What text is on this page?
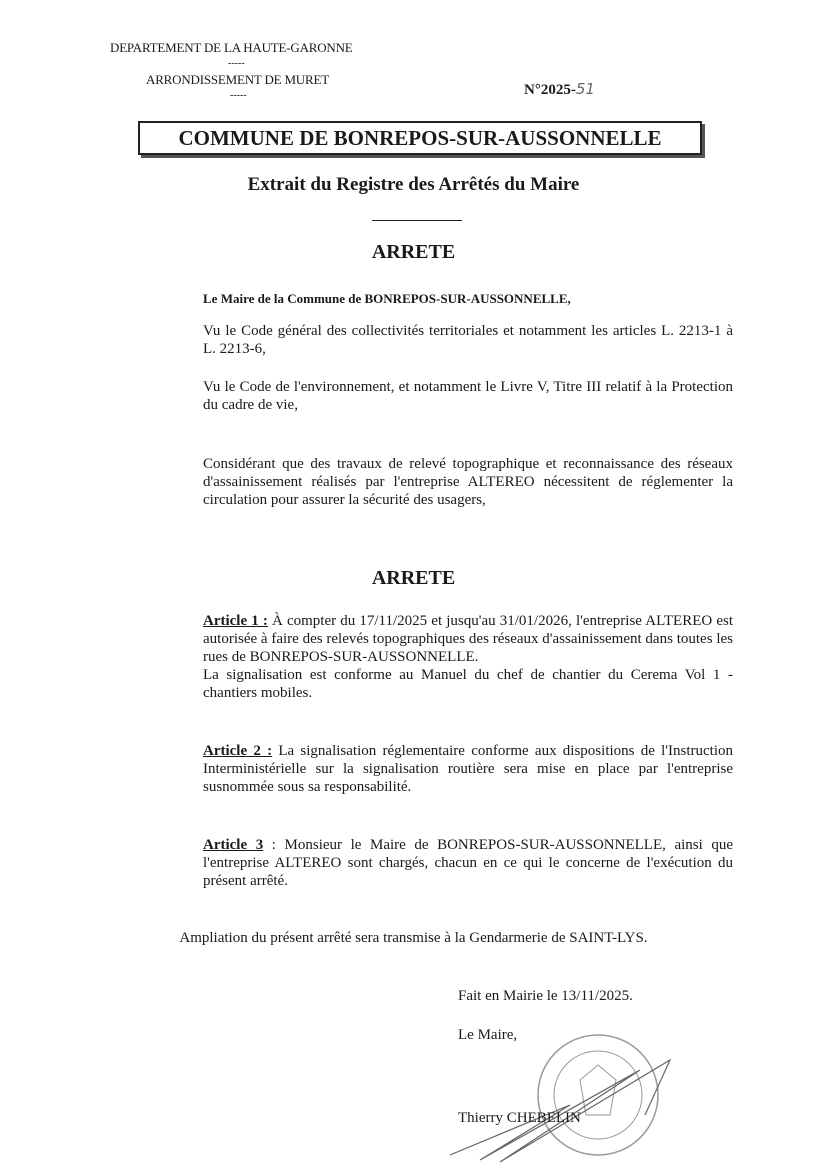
DEPARTEMENT DE LA HAUTE-GARONNE
-----
ARRONDISSEMENT DE MURET
-----	N°2025-51
COMMUNE DE BONREPOS-SUR-AUSSONNELLE
Extrait du Registre des Arrêtés du Maire
ARRETE
Le Maire de la Commune de BONREPOS-SUR-AUSSONNELLE,
Vu le Code général des collectivités territoriales et notamment les articles L. 2213-1 à L. 2213-6,
Vu le Code de l'environnement, et notamment le Livre V, Titre III relatif à la Protection du cadre de vie,
Considérant que des travaux de relevé topographique et reconnaissance des réseaux d'assainissement réalisés par l'entreprise ALTEREO nécessitent de réglementer la circulation pour assurer la sécurité des usagers,
ARRETE
Article 1 : À compter du 17/11/2025 et jusqu'au 31/01/2026, l'entreprise ALTEREO est autorisée à faire des relevés topographiques des réseaux d'assainissement dans toutes les rues de BONREPOS-SUR-AUSSONNELLE.
La signalisation est conforme au Manuel du chef de chantier du Cerema Vol 1 - chantiers mobiles.
Article 2 : La signalisation réglementaire conforme aux dispositions de l'Instruction Interministérielle sur la signalisation routière sera mise en place par l'entreprise susnommée sous sa responsabilité.
Article 3 : Monsieur le Maire de BONREPOS-SUR-AUSSONNELLE, ainsi que l'entreprise ALTEREO sont chargés, chacun en ce qui le concerne de l'exécution du présent arrêté.
Ampliation du présent arrêté sera transmise à la Gendarmerie de SAINT-LYS.
Fait en Mairie le 13/11/2025.
Le Maire,
Thierry CHEBELIN
